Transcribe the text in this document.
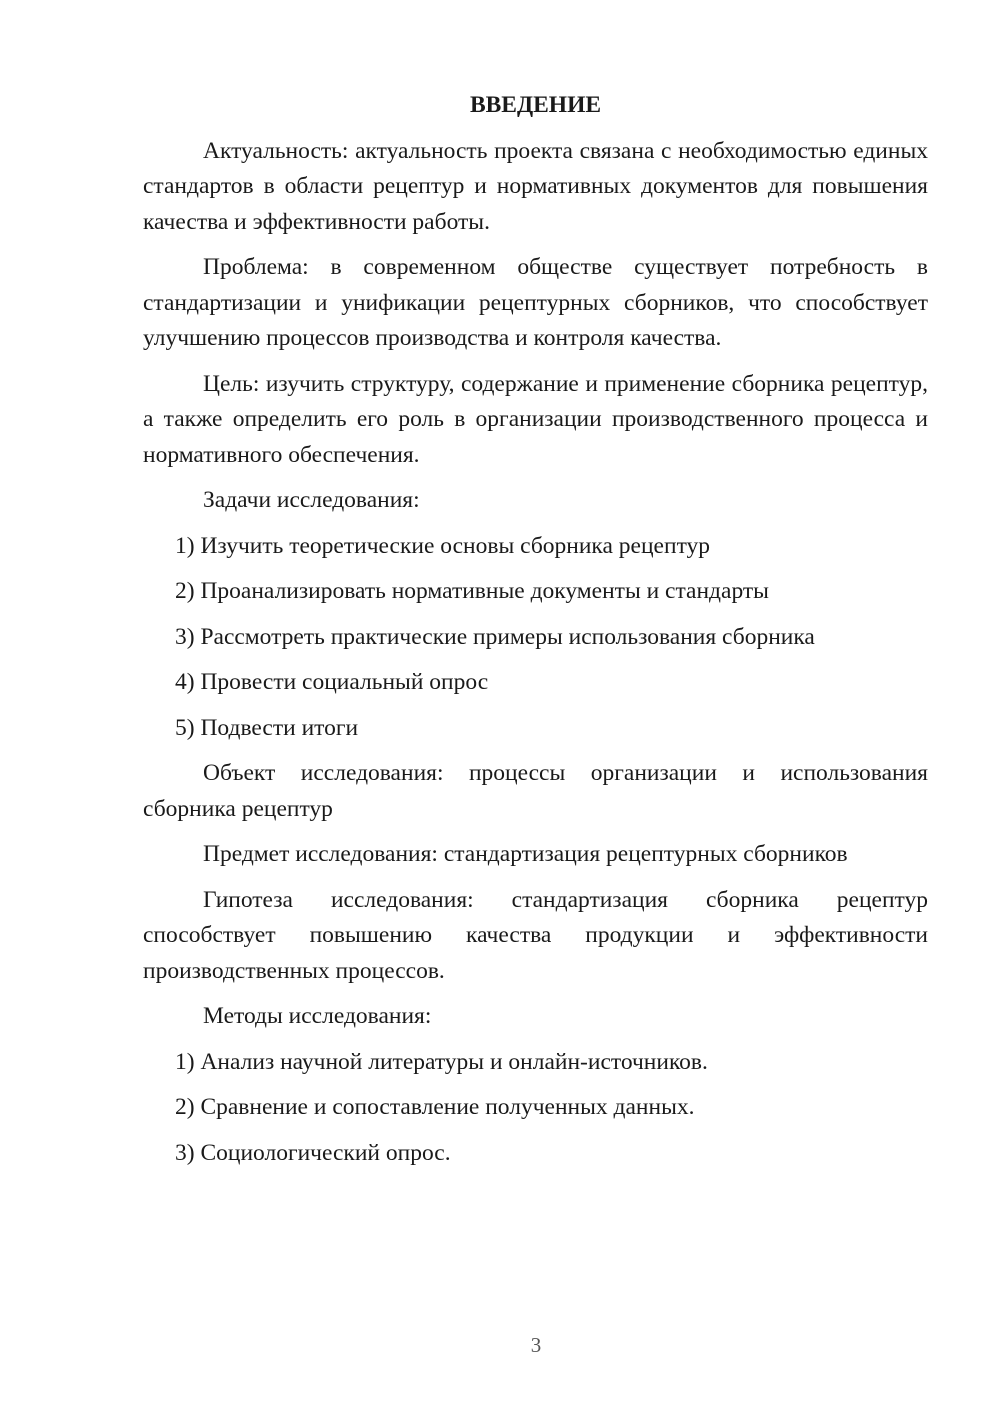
ВВЕДЕНИЕ

Актуальность: актуальность проекта связана с необходимостью единых стандартов в области рецептур и нормативных документов для повышения качества и эффективности работы.

Проблема: в современном обществе существует потребность в стандартизации и унификации рецептурных сборников, что способствует улучшению процессов производства и контроля качества.

Цель: изучить структуру, содержание и применение сборника рецептур, а также определить его роль в организации производственного процесса и нормативного обеспечения.

Задачи исследования:

1) Изучить теоретические основы сборника рецептур

2) Проанализировать нормативные документы и стандарты

3) Рассмотреть практические примеры использования сборника

4) Провести социальный опрос

5) Подвести итоги

Объект исследования: процессы организации и использования сборника рецептур

Предмет исследования: стандартизация рецептурных сборников

Гипотеза исследования: стандартизация сборника рецептур способствует повышению качества продукции и эффективности производственных процессов.

Методы исследования:

1) Анализ научной литературы и онлайн-источников.

2) Сравнение и сопоставление полученных данных.

3) Социологический опрос.

3
